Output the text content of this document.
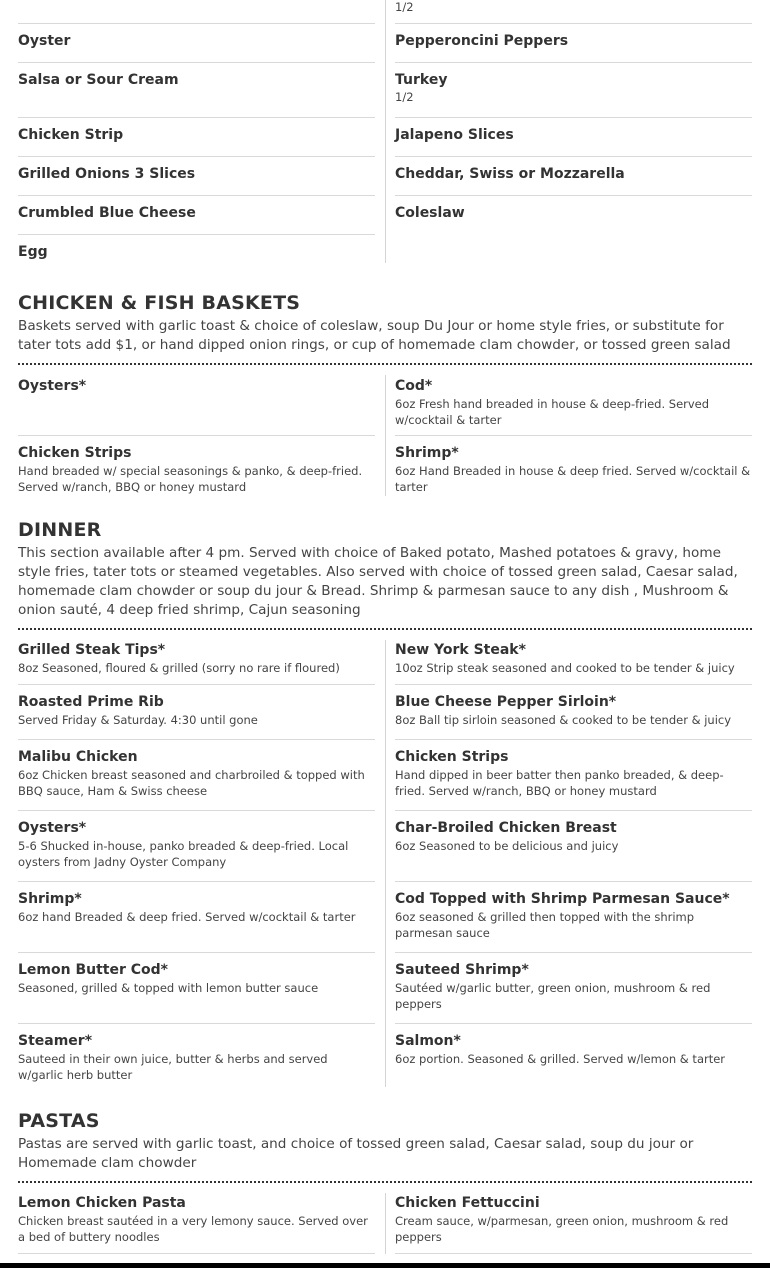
Oyster
Salsa or Sour Cream
Chicken Strip
Grilled Onions 3 Slices
Crumbled Blue Cheese
Egg
1/2
Pepperoncini Peppers
Turkey
1/2
Jalapeno Slices
Cheddar, Swiss or Mozzarella
Coleslaw
CHICKEN & FISH BASKETS
Baskets served with garlic toast & choice of coleslaw, soup Du Jour or home style fries, or substitute for tater tots add $1, or hand dipped onion rings, or cup of homemade clam chowder, or tossed green salad
Oysters*
Chicken Strips
Hand breaded w/ special seasonings & panko, & deep-fried. Served w/ranch, BBQ or honey mustard
Cod*
6oz Fresh hand breaded in house & deep-fried. Served w/cocktail & tarter
Shrimp*
6oz Hand Breaded in house & deep fried. Served w/cocktail & tarter
DINNER
This section available after 4 pm. Served with choice of Baked potato, Mashed potatoes & gravy, home style fries, tater tots or steamed vegetables. Also served with choice of tossed green salad, Caesar salad, homemade clam chowder or soup du jour & Bread. Shrimp & parmesan sauce to any dish , Mushroom & onion sauté, 4 deep fried shrimp, Cajun seasoning
Grilled Steak Tips*
8oz Seasoned, floured & grilled (sorry no rare if floured)
Roasted Prime Rib
Served Friday & Saturday. 4:30 until gone
Malibu Chicken
6oz Chicken breast seasoned and charbroiled & topped with BBQ sauce, Ham & Swiss cheese
Oysters*
5-6 Shucked in-house, panko breaded & deep-fried. Local oysters from Jadny Oyster Company
Shrimp*
6oz hand Breaded & deep fried. Served w/cocktail & tarter
Lemon Butter Cod*
Seasoned, grilled & topped with lemon butter sauce
Steamer*
Sauteed in their own juice, butter & herbs and served w/garlic herb butter
New York Steak*
10oz Strip steak seasoned and cooked to be tender & juicy
Blue Cheese Pepper Sirloin*
8oz Ball tip sirloin seasoned & cooked to be tender & juicy
Chicken Strips
Hand dipped in beer batter then panko breaded, & deep-fried. Served w/ranch, BBQ or honey mustard
Char-Broiled Chicken Breast
6oz Seasoned to be delicious and juicy
Cod Topped with Shrimp Parmesan Sauce*
6oz seasoned & grilled then topped with the shrimp parmesan sauce
Sauteed Shrimp*
Sautéed w/garlic butter, green onion, mushroom & red peppers
Salmon*
6oz portion. Seasoned & grilled. Served w/lemon & tarter
PASTAS
Pastas are served with garlic toast, and choice of tossed green salad, Caesar salad, soup du jour or Homemade clam chowder
Lemon Chicken Pasta
Chicken breast sautéed in a very lemony sauce. Served over a bed of buttery noodles
Chicken Fettuccini
Cream sauce, w/parmesan, green onion, mushroom & red peppers
